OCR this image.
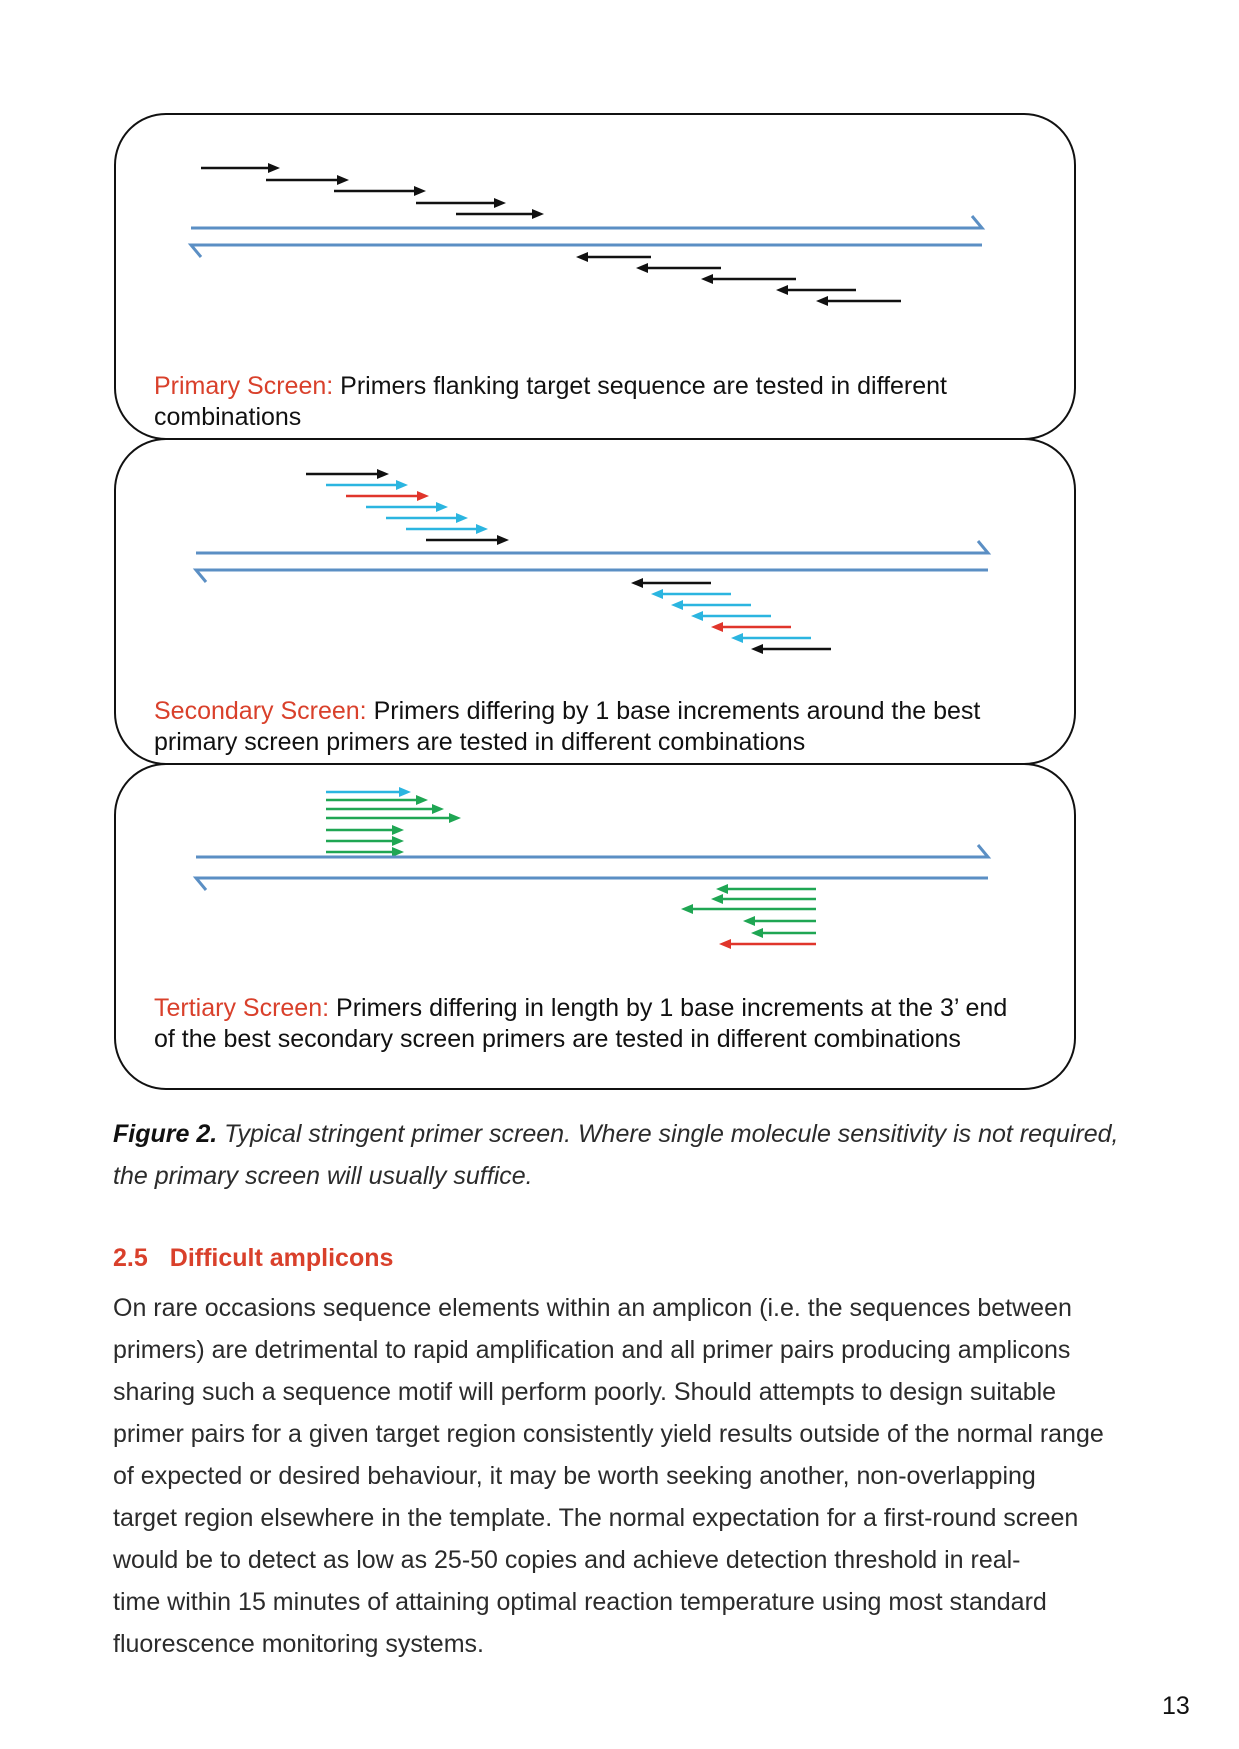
Primary Screen: Primers flanking target sequence are tested in different combinations
Secondary Screen: Primers differing by 1 base increments around the best primary screen primers are tested in different combinations
Tertiary Screen: Primers differing in length by 1 base increments at the 3’ end of the best secondary screen primers are tested in different combinations
Figure 2. Typical stringent primer screen. Where single molecule sensitivity is not required, the primary screen will usually suffice.
2.5 Difficult amplicons

On rare occasions sequence elements within an amplicon (i.e. the sequences between
primers) are detrimental to rapid amplification and all primer pairs producing amplicons
sharing such a sequence motif will perform poorly. Should attempts to design suitable
primer pairs for a given target region consistently yield results outside of the normal range
of expected or desired behaviour, it may be worth seeking another, non-overlapping
target region elsewhere in the template. The normal expectation for a first-round screen
would be to detect as low as 25-50 copies and achieve detection threshold in real-
time within 15 minutes of attaining optimal reaction temperature using most standard
fluorescence monitoring systems.

13
